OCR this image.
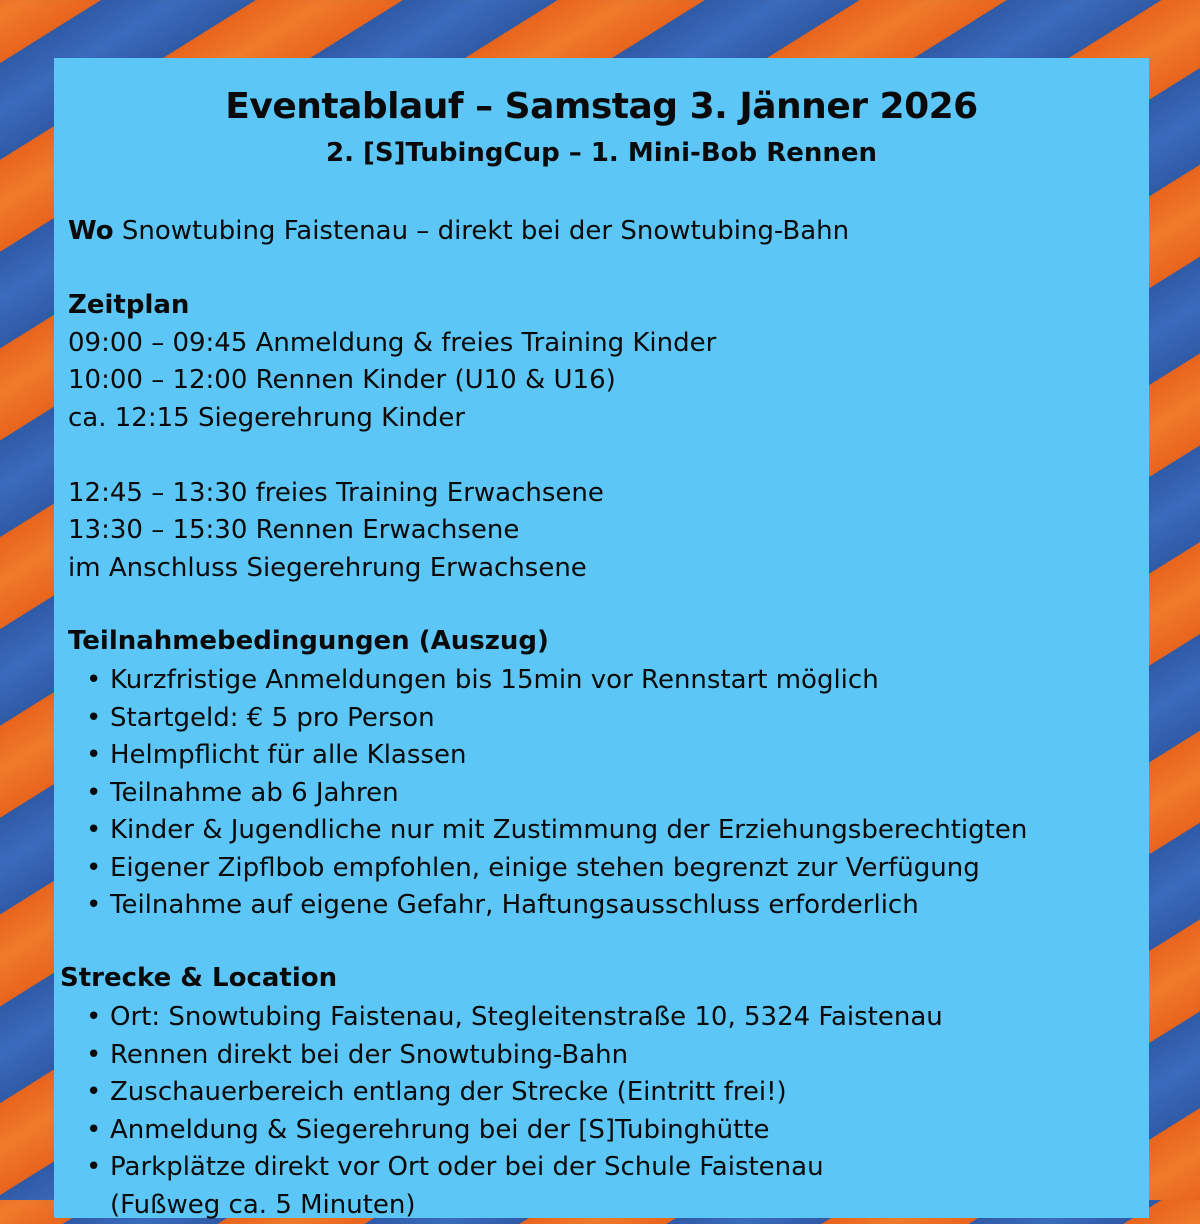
Eventablauf – Samstag 3. Jänner 2026
2. [S]TubingCup – 1. Mini-Bob Rennen
Wo Snowtubing Faistenau – direkt bei der Snowtubing-Bahn
Zeitplan
09:00 – 09:45 Anmeldung & freies Training Kinder
10:00 – 12:00 Rennen Kinder (U10 & U16)
ca. 12:15 Siegerehrung Kinder
12:45 – 13:30 freies Training Erwachsene
13:30 – 15:30 Rennen Erwachsene
im Anschluss Siegerehrung Erwachsene
Teilnahmebedingungen (Auszug)
• Kurzfristige Anmeldungen bis 15min vor Rennstart möglich
• Startgeld: € 5 pro Person
• Helmpflicht für alle Klassen
• Teilnahme ab 6 Jahren
• Kinder & Jugendliche nur mit Zustimmung der Erziehungsberechtigten
• Eigener Zipflbob empfohlen, einige stehen begrenzt zur Verfügung
• Teilnahme auf eigene Gefahr, Haftungsausschluss erforderlich
Strecke & Location
• Ort: Snowtubing Faistenau, Stegleitenstraße 10, 5324 Faistenau
• Rennen direkt bei der Snowtubing-Bahn
• Zuschauerbereich entlang der Strecke (Eintritt frei!)
• Anmeldung & Siegerehrung bei der [S]Tubinghütte
• Parkplätze direkt vor Ort oder bei der Schule Faistenau
(Fußweg ca. 5 Minuten)
